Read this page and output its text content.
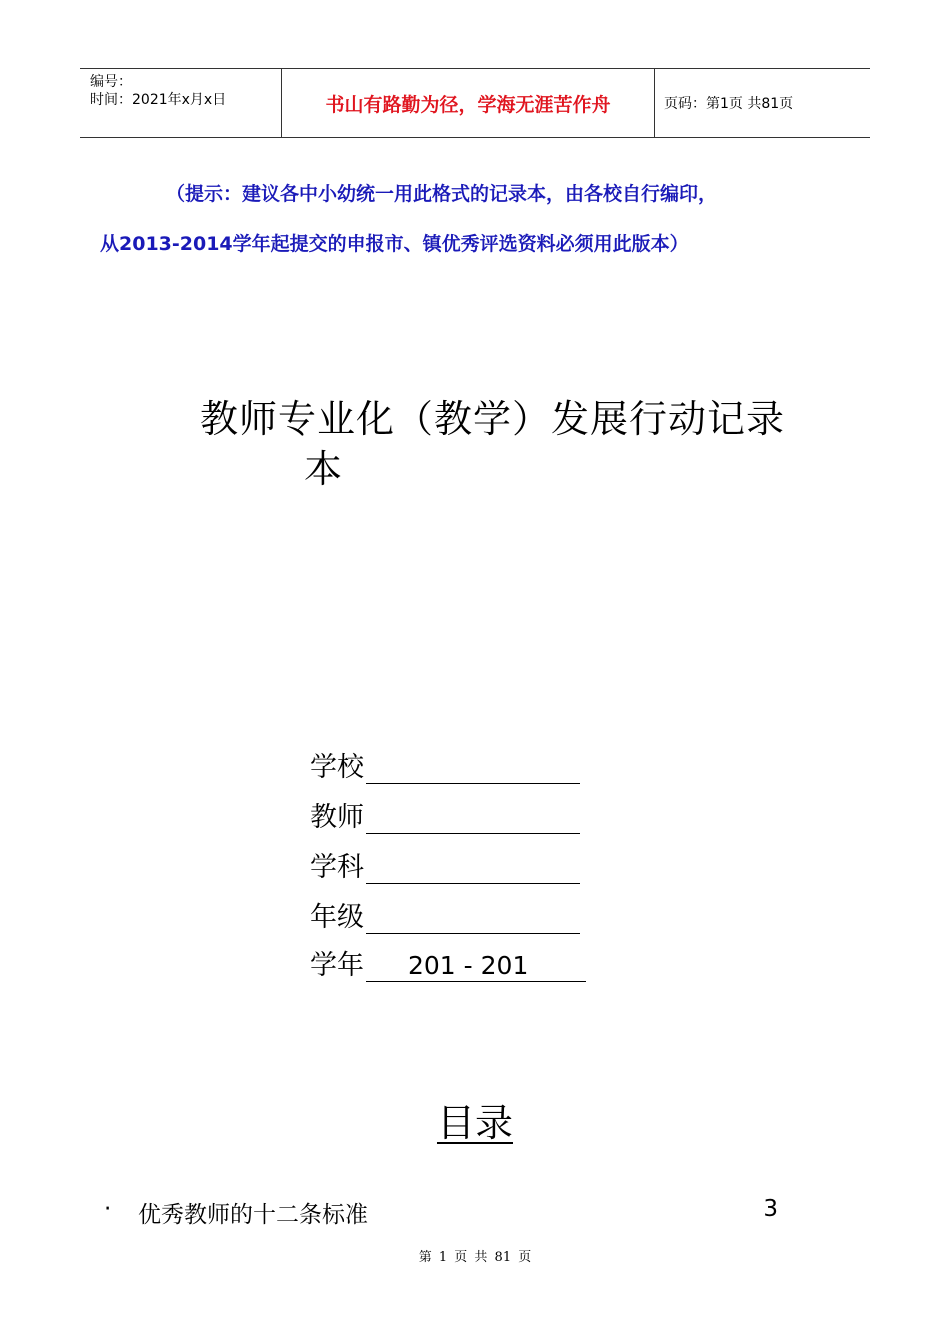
编号：
时间：2021年x月x日	书山有路勤为径，学海无涯苦作舟	页码：第1页 共81页
（提示：建议各中小幼统一用此格式的记录本，由各校自行编印，
从2013-2014学年起提交的申报市、镇优秀评选资料必须用此版本）
教师专业化（教学）发展行动记录
本
学校
教师
学科
年级
学年	201 - 201
目录
· 优秀教师的十二条标准	3
第 1 页 共 81 页
